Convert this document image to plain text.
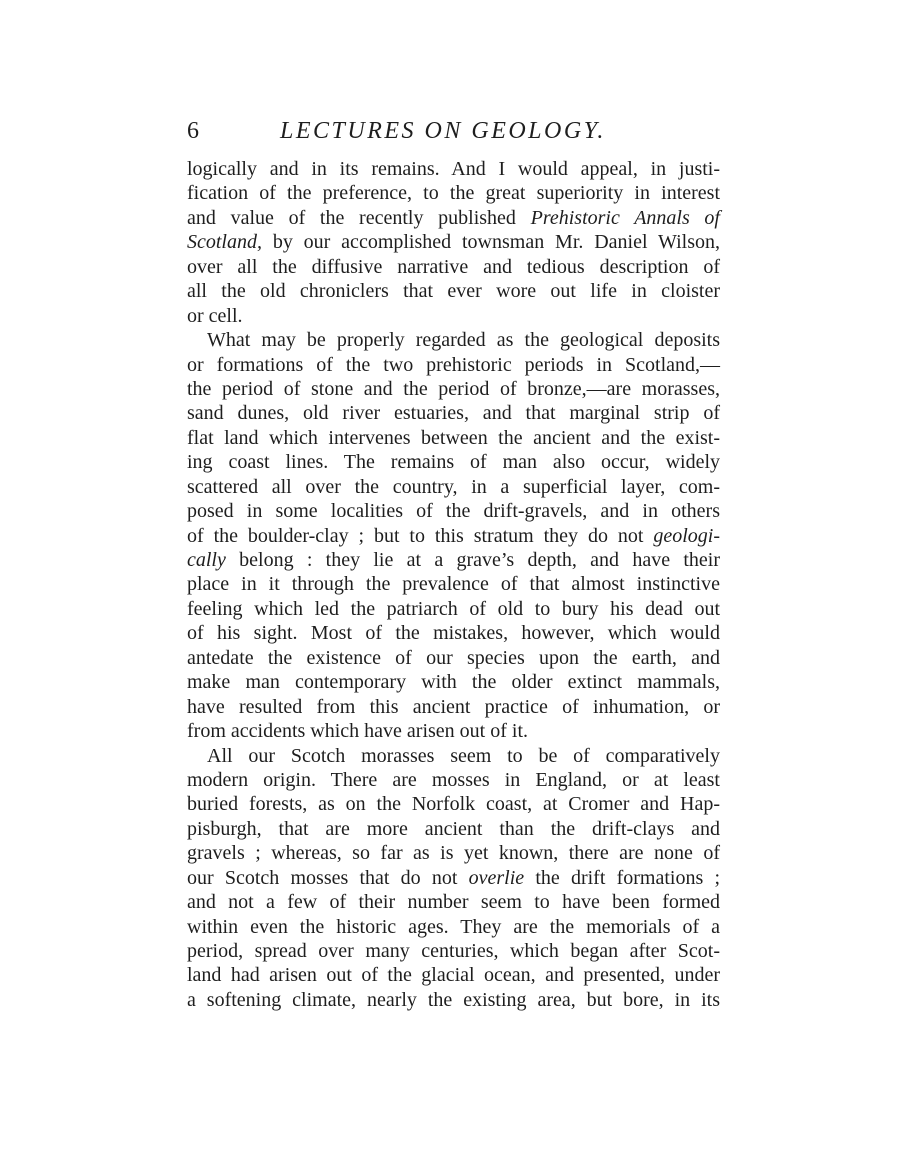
6	LECTURES ON GEOLOGY.
logically and in its remains. And I would appeal, in justi-
fication of the preference, to the great superiority in interest
and value of the recently published Prehistoric Annals of
Scotland, by our accomplished townsman Mr. Daniel Wilson,
over all the diffusive narrative and tedious description of
all the old chroniclers that ever wore out life in cloister
or cell.
What may be properly regarded as the geological deposits
or formations of the two prehistoric periods in Scotland,—
the period of stone and the period of bronze,—are morasses,
sand dunes, old river estuaries, and that marginal strip of
flat land which intervenes between the ancient and the exist-
ing coast lines. The remains of man also occur, widely
scattered all over the country, in a superficial layer, com-
posed in some localities of the drift-gravels, and in others
of the boulder-clay ; but to this stratum they do not geologi-
cally belong : they lie at a grave’s depth, and have their
place in it through the prevalence of that almost instinctive
feeling which led the patriarch of old to bury his dead out
of his sight. Most of the mistakes, however, which would
antedate the existence of our species upon the earth, and
make man contemporary with the older extinct mammals,
have resulted from this ancient practice of inhumation, or
from accidents which have arisen out of it.
All our Scotch morasses seem to be of comparatively
modern origin. There are mosses in England, or at least
buried forests, as on the Norfolk coast, at Cromer and Hap-
pisburgh, that are more ancient than the drift-clays and
gravels ; whereas, so far as is yet known, there are none of
our Scotch mosses that do not overlie the drift formations ;
and not a few of their number seem to have been formed
within even the historic ages. They are the memorials of a
period, spread over many centuries, which began after Scot-
land had arisen out of the glacial ocean, and presented, under
a softening climate, nearly the existing area, but bore, in its
